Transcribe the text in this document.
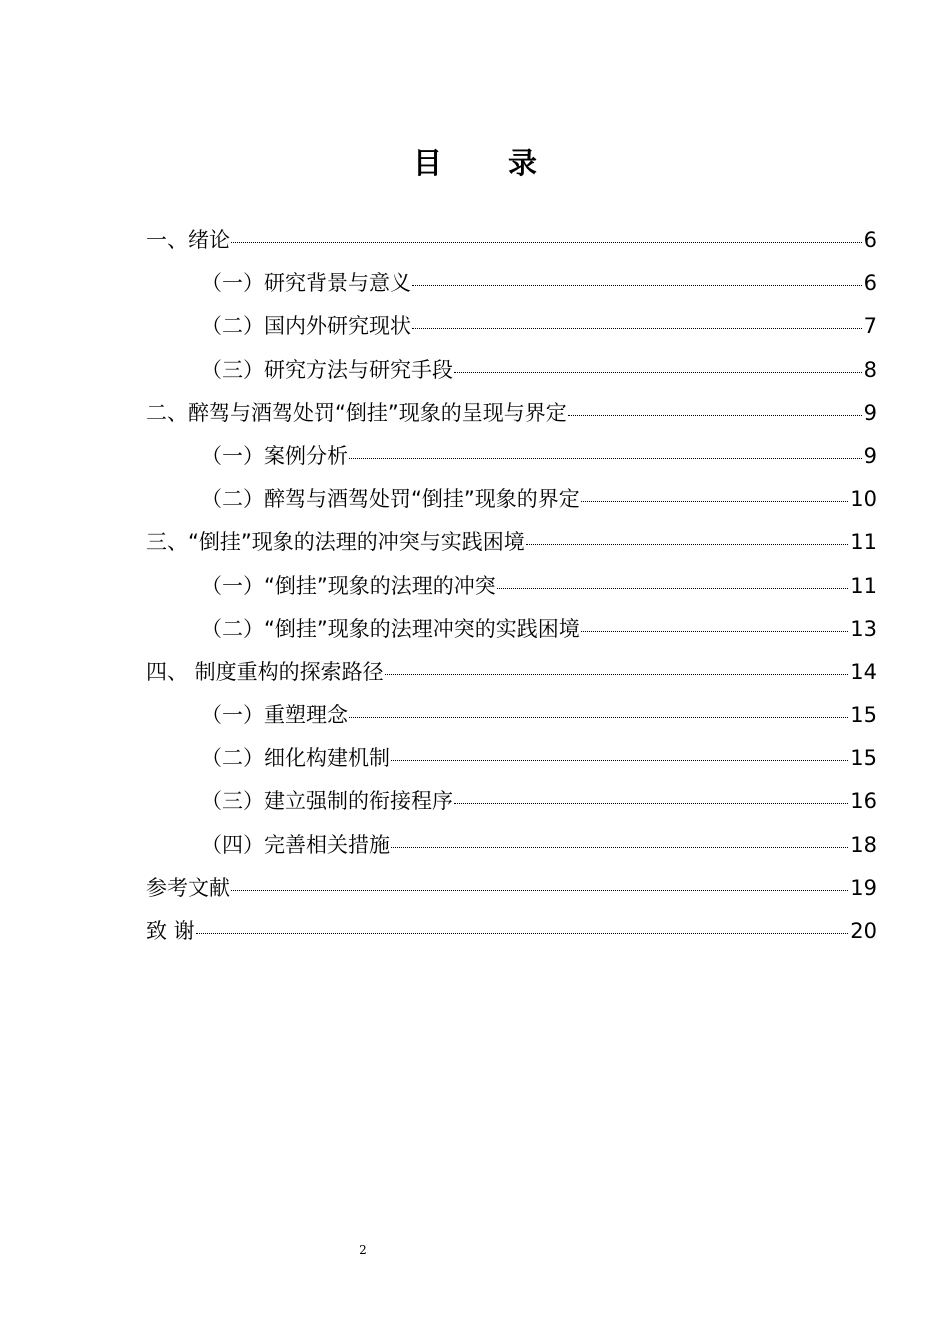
目 录
一、绪论	6
（一）研究背景与意义	6
（二）国内外研究现状	7
（三）研究方法与研究手段	8
二、醉驾与酒驾处罚“倒挂”现象的呈现与界定	9
（一）案例分析	9
（二）醉驾与酒驾处罚“倒挂”现象的界定	10
三、“倒挂”现象的法理的冲突与实践困境	11
（一）“倒挂”现象的法理的冲突	11
（二）“倒挂”现象的法理冲突的实践困境	13
四、 制度重构的探索路径	14
（一）重塑理念	15
（二）细化构建机制	15
（三）建立强制的衔接程序	16
（四）完善相关措施	18
参考文献	19
致 谢	20
2
